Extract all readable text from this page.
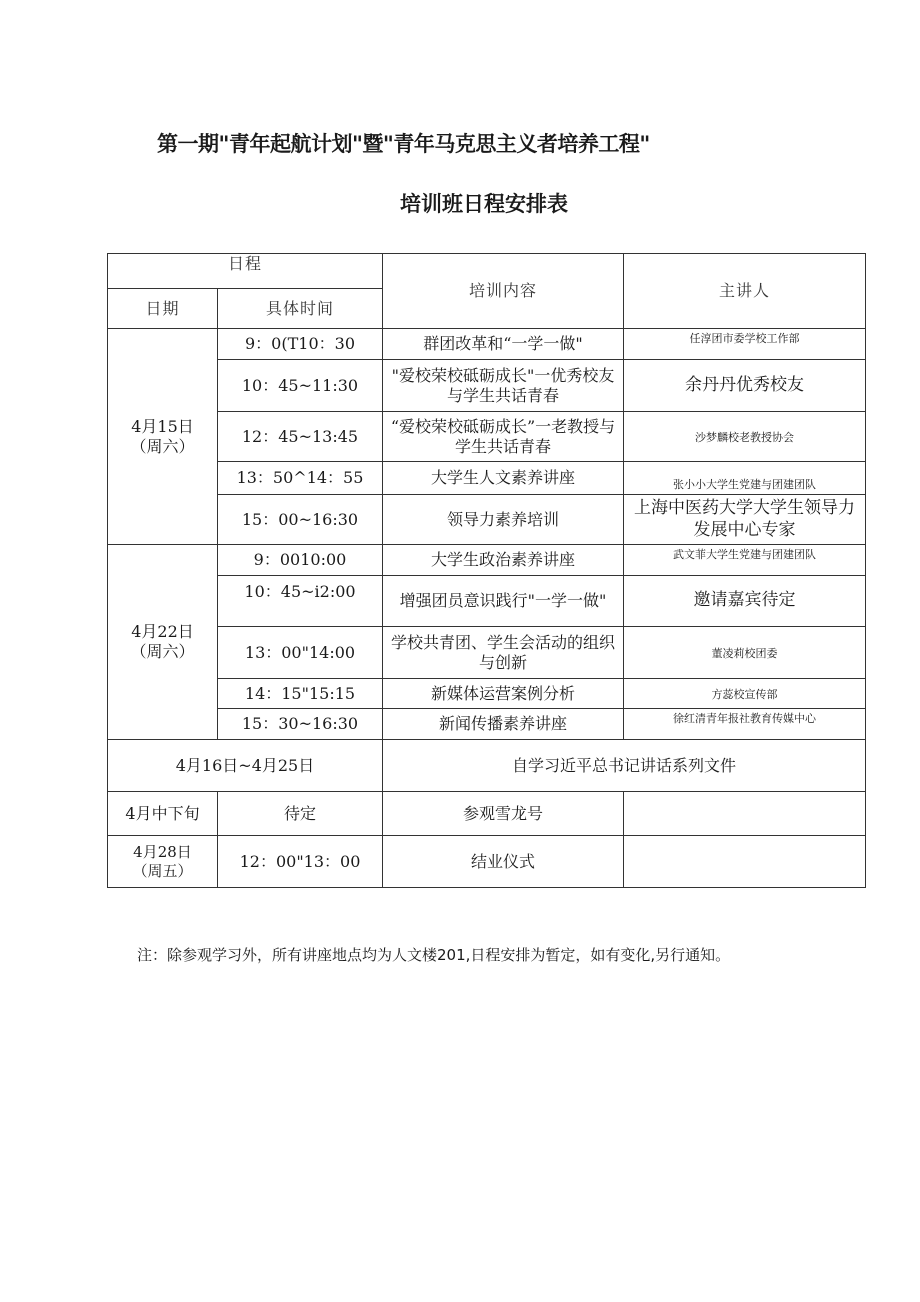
第一期"青年起航计划"暨"青年马克思主义者培养工程"
培训班日程安排表
日程		培训内容	主讲人
日期	具体时间		

4月15日
（周六）	9：0(T10：30	群团改革和“一学一做"	任淳团市委学校工作部
	10：45~11:30	"爱校荣校砥砺成长"一优秀校友与学生共话青春	余丹丹优秀校友
	12：45~13:45	“爱校荣校砥砺成长”一老教授与学生共话青春	沙梦麟校老教授协会
	13：50^14：55	大学生人文素养讲座	张小小大学生党建与团建团队
	15：00~16:30	领导力素养培训	上海中医药大学大学生领导力发展中心专家

4月22日
（周六）	9：0010:00	大学生政治素养讲座	武文菲大学生党建与团建团队
	10：45~i2:00	增强团员意识践行"一学一做"	邀请嘉宾待定
	13：00"14:00	学校共青团、学生会活动的组织与创新	董凌莉校团委
	14：15"15:15	新媒体运营案例分析	方蕊校宣传部
	15：30~16:30	新闻传播素养讲座	徐红清青年报社教育传媒中心
4月16日~4月25日		自学习近平总书记讲话系列文件	
4月中下旬	待定	参观雪龙号	

4月28日
（周五）	12：00"13：00	结业仪式	
注：除参观学习外，所有讲座地点均为人文楼201,日程安排为暂定，如有变化,另行通知。
